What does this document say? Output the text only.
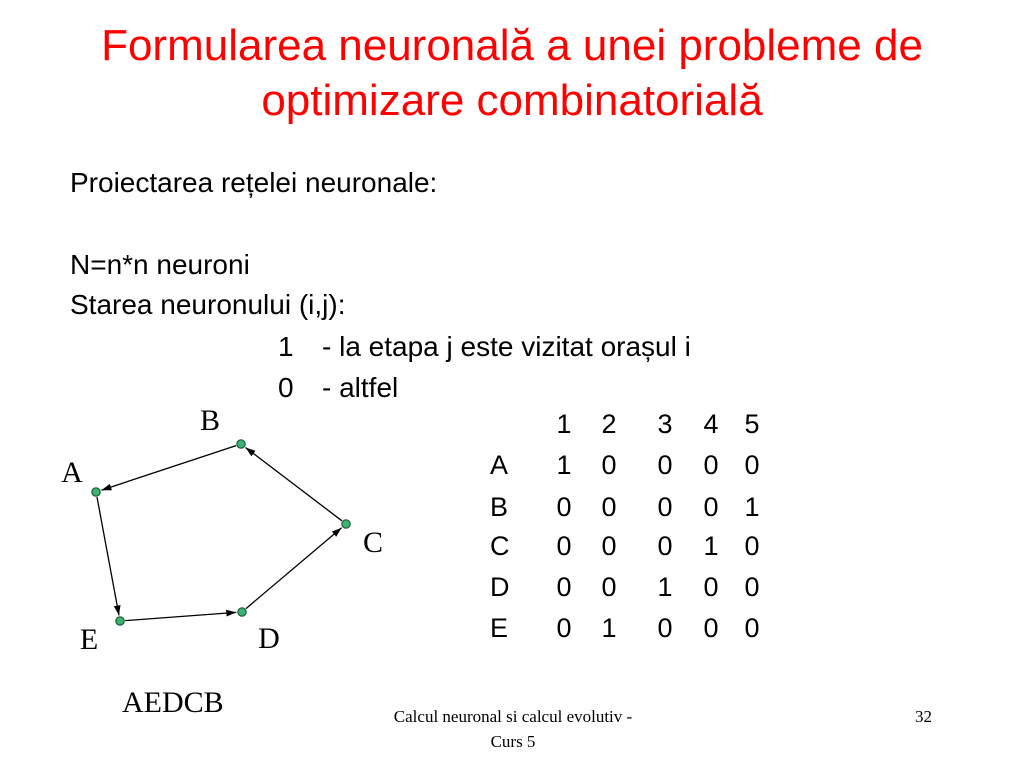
Formularea neuronală a unei probleme de
optimizare combinatorială
Proiectarea rețelei neuronale:
N=n*n neuroni
Starea neuronului (i,j):
1 - la etapa j este vizitat orașul i
0 - altfel
A
B
C
D
E
AEDCB
1 2 3 4 5
A 1 0 0 0 0
B 0 0 0 0 1
C 0 0 0 1 0
D 0 0 1 0 0
E 0 1 0 0 0
Calcul neuronal si calcul evolutiv -
Curs 5
32
